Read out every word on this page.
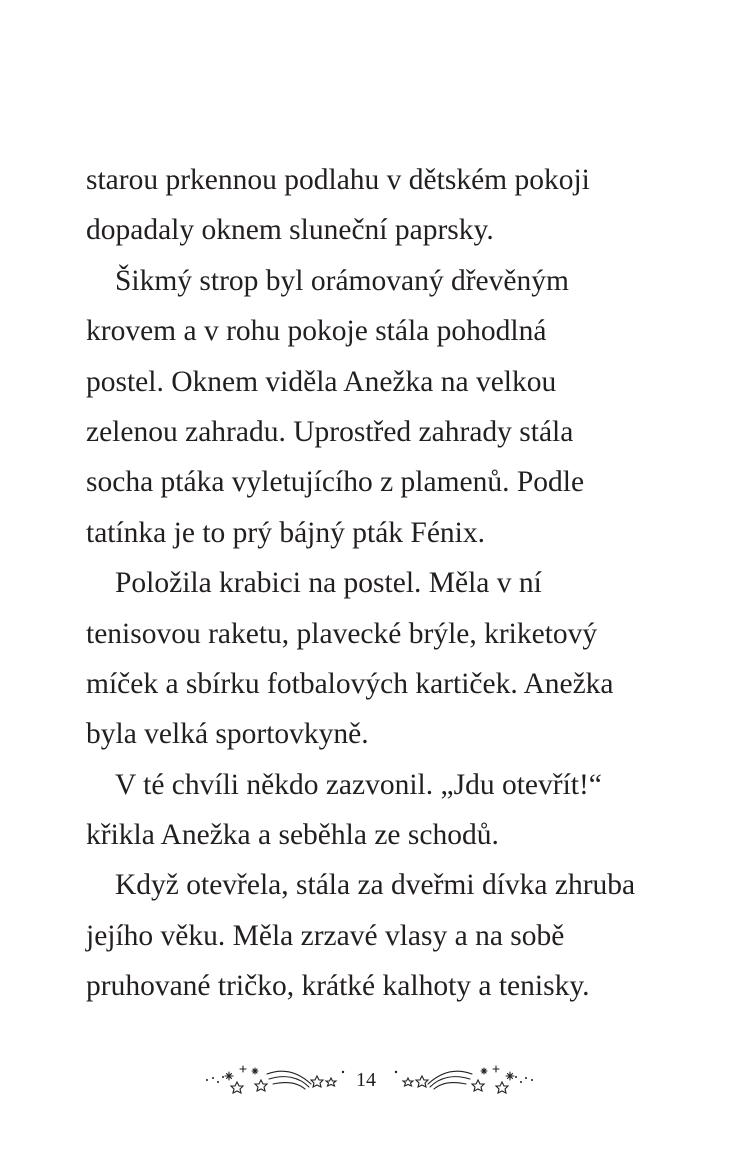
starou prkennou podlahu v dětském pokoji
dopadaly oknem sluneční paprsky.
Šikmý strop byl orámovaný dřevěným
krovem a v rohu pokoje stála pohodlná
postel. Oknem viděla Anežka na velkou
zelenou zahradu. Uprostřed zahrady stála
socha ptáka vyletujícího z plamenů. Podle
tatínka je to prý bájný pták Fénix.
Položila krabici na postel. Měla v ní
tenisovou raketu, plavecké brýle, kriketový
míček a sbírku fotbalových kartiček. Anežka
byla velká sportovkyně.
V té chvíli někdo zazvonil. „Jdu otevřít!“
křikla Anežka a seběhla ze schodů.
Když otevřela, stála za dveřmi dívka zhruba
jejího věku. Měla zrzavé vlasy a na sobě
pruhované tričko, krátké kalhoty a tenisky.
14
